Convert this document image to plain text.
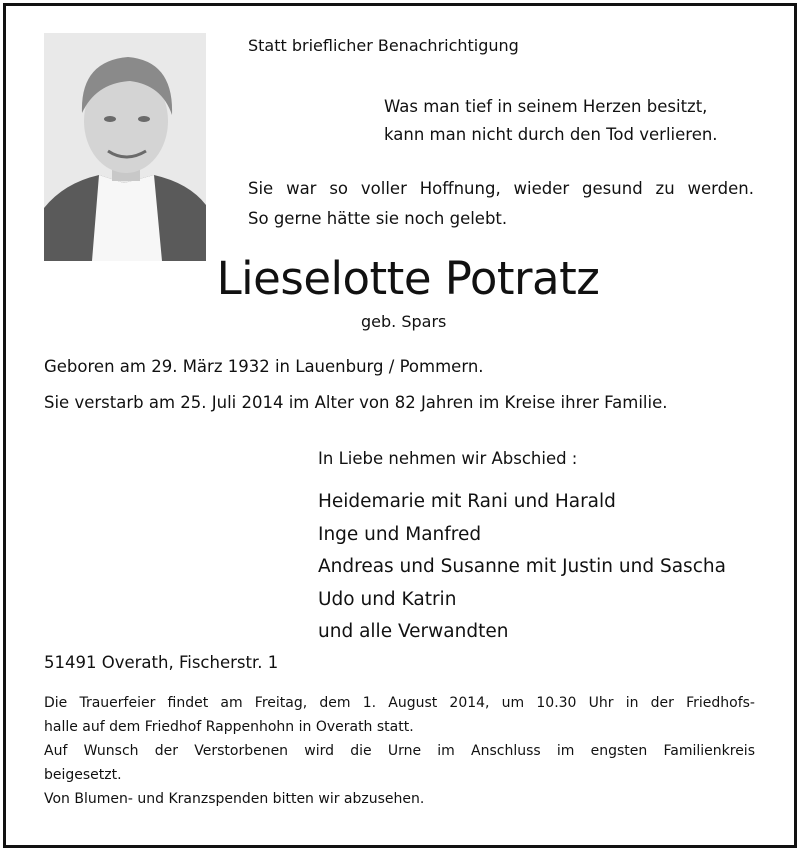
Statt brieflicher Benachrichtigung
Was man tief in seinem Herzen besitzt,
kann man nicht durch den Tod verlieren.
Sie war so voller Hoffnung, wieder gesund zu werden.
So gerne hätte sie noch gelebt.
Lieselotte Potratz
geb. Spars
Geboren am 29. März 1932 in Lauenburg / Pommern.
Sie verstarb am 25. Juli 2014 im Alter von 82 Jahren im Kreise ihrer Familie.
In Liebe nehmen wir Abschied :
Heidemarie mit Rani und Harald
Inge und Manfred
Andreas und Susanne mit Justin und Sascha
Udo und Katrin
und alle Verwandten
51491 Overath, Fischerstr. 1
Die Trauerfeier findet am Freitag, dem 1. August 2014, um 10.30 Uhr in der Friedhofs-
halle auf dem Friedhof Rappenhohn in Overath statt.
Auf Wunsch der Verstorbenen wird die Urne im Anschluss im engsten Familienkreis
beigesetzt.
Von Blumen- und Kranzspenden bitten wir abzusehen.
